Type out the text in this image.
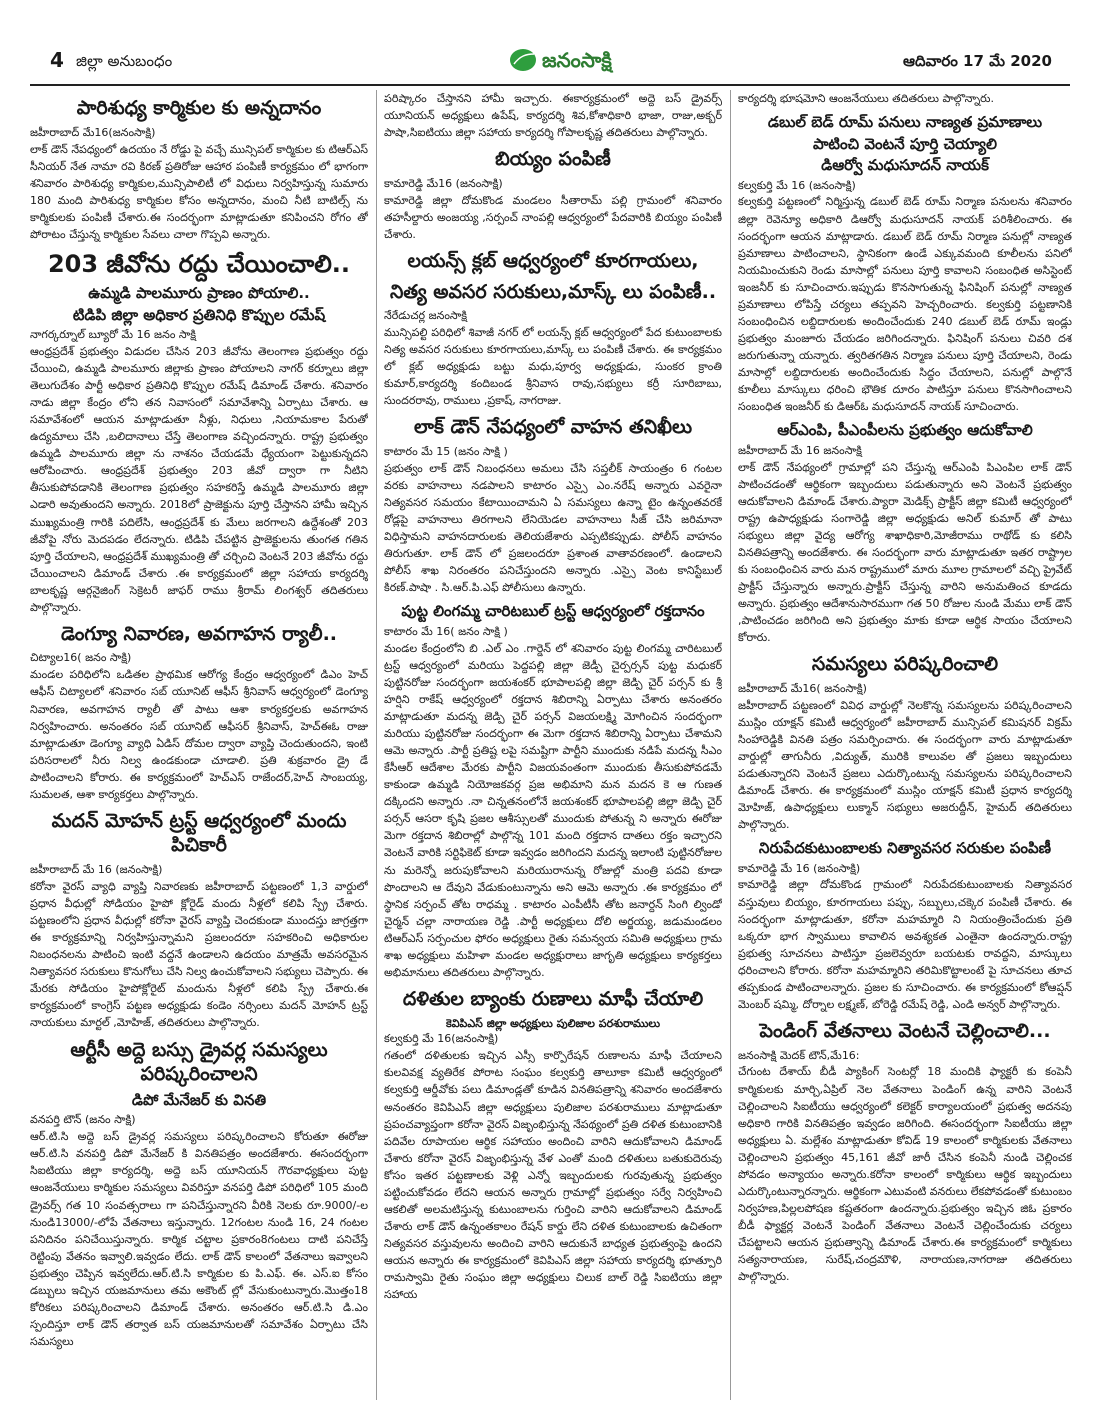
4 జిల్లా అనుబంధం	జనంసాక్షి	ఆదివారం 17 మే 2020
పారిశుధ్య కార్మికుల కు అన్నదానం

జహీరాబాద్ మే16(జనంసాక్షి)

లాక్ డౌన్ నేపధ్యంలో ఉదయం నే రోడ్డు పై వచ్చే మున్సిపల్ కార్మికుల కు టిఆర్ఎస్ సీనియర్ నేత నామా రవి కిరణ్ ప్రతిరోజు ఆహార పంపిణీ కార్యక్రమం లో భాగంగా శనివారం పారిశుధ్య కార్మికుల,మున్సిపాలిటీ లో విధులు నిర్వహిస్తున్న సుమారు 180 మంది పారిశుధ్య కార్మికుల కోసం అన్నదానం, మంచి నీటి బాటిల్స్ ను కార్మికులకు పంపిణీ చేశారు.ఈ సందర్భంగా మాట్లాడుతూ కనిపించని రోగం తో పోరాటం చేస్తున్న కార్మికుల సేవలు చాలా గొప్పవి అన్నారు.

203 జీవోను రద్దు చేయించాలి..
ఉమ్మడి పాలమూరు ప్రాణం పోయాలి..
టిడిపి జిల్లా అధికార ప్రతినిధి కొప్పుల రమేష్

నాగర్కర్నూల్ బ్యూరో మే 16 జనం సాక్షి

ఆంధ్రప్రదేశ్ ప్రభుత్వం విడుదల చేసిన 203 జీవోను తెలంగాణ ప్రభుత్వం రద్దు చేయించి, ఉమ్మడి పాలమూరు జిల్లాకు ప్రాణం పోయాలని నాగర్ కర్నూలు జిల్లా తెలుగుదేశం పార్టీ అధికార ప్రతినిధి కొప్పుల రమేష్ డిమాండ్ చేశారు. శనివారం నాడు జిల్లా కేంద్రం లోని తన నివాసంలో సమావేశాన్ని ఏర్పాటు చేశారు. ఆ సమావేశంలో ఆయన మాట్లాడుతూ నీళ్లు, నిధులు ,నియామకాల పేరుతో ఉద్యమాలు చేసి ,బలిదానాలు చేస్తే తెలంగాణ వచ్చిందన్నారు. రాష్ట్ర ప్రభుత్వం ఉమ్మడి పాలమూరు జిల్లా ను నాశనం చేయడమే ధ్యేయంగా పెట్టుకున్నదని ఆరోపించారు. ఆంధ్రప్రదేశ్ ప్రభుత్వం 203 జీవో ద్వారా గా నీటిని తీసుకుపోవడానికి తెలంగాణ ప్రభుత్వం సహకరిస్తే ఉమ్మడి పాలమూరు జిల్లా ఎడారి అవుతుందని అన్నారు. 2018లో ప్రాజెక్టును పూర్తి చేస్తానని హామీ ఇచ్చిన ముఖ్యమంత్రి గారికి పదిలేసి, ఆంధ్రప్రదేశ్ కు మేలు జరగాలని ఉద్దేశంతో 203 జీవోపై నోరు మెదపడం లేదన్నారు. టిడిపి చేపట్టిన ప్రాజెక్టులను తుంగత గతిన పూర్తి చేయాలని, ఆంధ్రప్రదేశ్ ముఖ్యమంత్రి తో చర్చించి వెంటనే 203 జీవోను రద్దు చేయించాలని డిమాండ్ చేశారు .ఈ కార్యక్రమంలో జిల్లా సహాయ కార్యదర్శి బాలకృష్ణ ఆర్గనైజింగ్ సెక్రెటరీ జాఫర్ రాము శ్రీరామ్ లింగశ్వర్ తదితరులు పాల్గొన్నారు.

డెంగ్యూ నివారణ, అవగాహన ర్యాలీ..

చిట్యాల16( జనం సాక్షి)

మండల పరిధిలోని ఒడితల ప్రాథమిక ఆరోగ్య కేంద్రం ఆధ్వర్యంలో డిఎం హెచ్ ఆఫీస్ చిట్యాలలో శనివారం సబ్ యూనిట్ ఆఫీస్ శ్రీనివాస్ ఆధ్వర్యంలో డెంగ్యూ నివారణ, అవగాహన ర్యాలీ తో పాటు ఆశా కార్యకర్తలకు అవగాహన నిర్వహించారు. అనంతరం సబ్ యూనిట్ ఆఫీసర్ శ్రీనివాస్, హెచ్ఈఓ రాజు మాట్లాడుతూ డెంగ్యూ వ్యాధి ఏడిస్ దోమల ద్వారా వ్యాప్తి చెందుతుందని, ఇంటి పరిసరాలలో నీరు నిల్వ ఉండకుండా చూడాలి. ప్రతి శుక్రవారం డ్రై డే పాటించాలని కోరారు. ఈ కార్యక్రమంలో హెచ్ఎస్ రాజేందర్,హెచ్ సాంబయ్య, సుమలత, ఆశా కార్యకర్తలు పాల్గొన్నారు.

మదన్ మోహన్ ట్రస్ట్ ఆధ్వర్యంలో మందు పిచికారీ

జహీరాబాద్ మే 16 (జనంసాక్షి)

కరోనా వైరస్ వ్యాధి వ్యాప్తి నివారణకు జహీరాబాద్ పట్టణంలో 1,3 వార్డులో ప్రధాన వీధుల్లో సోడియం హైపో క్లోరైడ్ మందు నీళ్లలో కలిపి స్ప్రే చేశారు. పట్టణంలోని ప్రధాన వీధుల్లో కరోనా వైరస్ వ్యాప్తి చెందకుండా ముందస్తు జాగ్రత్తగా ఈ కార్యక్రమాన్ని నిర్వహిస్తున్నామని ప్రజలందరూ సహకరించి అధికారుల నిబంధనలను పాటించి ఇంటి వద్దనే ఉండాలని ఉదయం మాత్రమే అవసరమైన నిత్యావసర సరుకులు కొనుగోలు చేసి నిల్వ ఉంచుకోవాలని సభ్యులు చెప్పారు. ఈ మేరకు సోడియం హైపోక్లోరైట్ మందును నీళ్లలో కలిపి స్ప్రే చేశారు.ఈ కార్యక్రమంలో కాంగ్రెస్ పట్టణ అధ్యక్షుడు కండెం నర్సింలు మదన్ మోహన్ ట్రస్ట్ నాయకులు మార్టల్ ,మోహిజ్, తదితరులు పాల్గొన్నారు.

ఆర్టీసీ అద్దె బస్సు డ్రైవర్ల సమస్యలు పరిష్కరించాలని
డిపో మేనేజర్ కు వినతి

వనపర్తి టౌన్ (జనం సాక్షి)

ఆర్.టి.సి అద్దె బస్ డ్రైవర్ల సమస్యలు పరిష్కరించాలని కోరుతూ ఈరోజు ఆర్.టి.సి వనపర్తి డిపో మేనేజర్ కి వినతిపత్రం అందజేశారు. ఈసందర్భంగా సిఐటియు జిల్లా కార్యదర్శి, అద్దె బస్ యూనియన్ గౌరవాధ్యక్షులు పుట్ట ఆంజనేయులు కార్మికుల సమస్యలు వివరిస్తూ వనపర్తి డిపో పరిధిలో 105 మంది డ్రైవర్స్ గత 10 సంవత్సరాలు గా పనిచేస్తున్నారని వీరికి నెలకు రూ.9000/-ల నుండి13000/-లోపే వేతనాలు ఇస్తున్నారు. 12గంటల నుండి 16, 24 గంటల పనిదినం పనిచేయిస్తున్నారు. కార్మిక చట్టాల ప్రకారం8గంటలు దాటి పనిచేస్తే రెట్టింపు వేతనం ఇవ్వాలి.ఇవ్వడం లేదు. లాక్ డౌన్ కాలంలో వేతనాలు ఇవ్వాలని ప్రభుత్వం చెప్పిన ఇవ్వలేదు.ఆర్.టి.సి కార్మికుల కు పి.ఎఫ్. ఈ. ఎస్.ఐ కోసం డబ్బులు ఇచ్చిన యజమానులు తమ అకౌంట్ ల్లో వేసుకుంటున్నారు.మొత్తం18 కోరికలు పరిష్కరించాలని డిమాండ్ చేశారు. అనంతరం ఆర్.టి.సి డి.ఎం స్పందిస్తూ లాక్ డౌన్ తర్వాత బస్ యజమానులతో సమావేశం ఏర్పాటు చేసి సమస్యలు

పరిష్కారం చేస్తానని హామీ ఇచ్చారు. ఈకార్యక్రమంలో అద్దె బస్ డ్రైవర్స్ యూనియన్ అధ్యక్షులు ఉపేష్, కార్యదర్శి శివ,కోశాధికారి భాజా, రాజు,అక్బర్ పాషా,సిఐటియు జిల్లా సహాయ కార్యదర్శి గోపాలకృష్ణ తదితరులు పాల్గొన్నారు.

బియ్యం పంపిణీ

కామారెడ్డి మే16 (జనంసాక్షి)

కామారెడ్డి జిల్లా దోమకొండ మండలం సీతారామ్ పల్లి గ్రామంలో శనివారం తహసీల్దారు అంజయ్య ,సర్పంచ్ నాంపల్లి ఆధ్వర్యంలో పేదవారికి బియ్యం పంపిణీ చేశారు.

లయన్స్ క్లబ్ ఆధ్వర్యంలో కూరగాయలు,
నిత్య అవసర సరుకులు,మాస్క్ లు పంపిణీ..

నేరేడుచర్ల జనంసాక్షి

మున్సిపల్టి పరిధిలో శివాజీ నగర్ లో లయన్స్ క్లబ్ ఆధ్వర్యంలో పేద కుటుంబాలకు నిత్య అవసర సరుకులు కూరగాయలు,మాస్క్ లు పంపిణీ చేశారు. ఈ కార్యక్రమం లో క్లబ్ అధ్యక్షుడు బట్టు మధు,పూర్వ అధ్యక్షుడు, సుంకర క్రాంతి కుమార్,కార్యదర్శి కందిబండ శ్రీనివాస రావు,సభ్యులు కర్రీ సూరిబాబు, సుందరరావు, రాములు ,ప్రకాష్, నాగరాజు.

లాక్ డౌన్ నేపధ్యంలో వాహన తనిఖీలు

కాటారం మే 15 (జనం సాక్షి )

ప్రభుత్వం లాక్ డౌన్ నిబంధనలు అమలు చేసి సప్తలీక్ సాయంత్రం 6 గంటల వరకు వాహనాలు నడపాలని కాటారం ఎస్సై ఎం.నరేష్ అన్నారు ఎవరైనా నిత్యవసర సమయం కేటాయించామని ఏ సమస్యలు ఉన్నా టైం ఉన్నంతవరకే రోడ్లపై వాహనాలు తిరగాలని లేనియెడల వాహనాలు సీజ్ చేసి జరిమానా విధిస్తామని వాహనదారులకు తెలియజేశారు ఎప్పటికప్పుడు. పోలీస్ వాహనం తిరుగుతూ. లాక్ డౌన్ లో ప్రజలందరూ ప్రశాంత వాతావరణంలో. ఉండాలని పోలీస్ శాఖ నిరంతరం పనిచేస్తుందని అన్నారు .ఎస్సై వెంట కానిస్టేబుల్ కిరణ్.పాషా . సి.ఆర్.పి.ఎఫ్ పోలీసులు ఉన్నారు.

పుట్ట లింగమ్మ చారిటబుల్ ట్రస్ట్ ఆధ్వర్యంలో రక్తదానం

కాటారం మే 16( జనం సాక్షి )

మండల కేంద్రంలోని బి .ఎల్ ఎం .గార్డెన్ లో శనివారం పుట్ట లింగమ్మ చారిటబుల్ ట్రస్ట్ ఆధ్వర్యంలో మరియు పెద్దపల్లి జిల్లా జెడ్పీ చైర్పర్సన్ పుట్ట మధుకర్ పుట్టినరోజు సందర్భంగా జయశంకర్ భూపాలపల్లి జిల్లా జెడ్పి చైర్ పర్సన్ కు శ్రీ హర్షిని రాకేష్ ఆధ్వర్యంలో రక్తదాన శిబిరాన్ని ఏర్పాటు చేశారు అనంతరం మాట్లాడుతూ మదన్న జెడ్పి చైర్ పర్సన్ విజయలక్ష్మి మోగించిన సందర్భంగా మరియు పుట్టినరోజు సందర్భంగా ఈ మెగా రక్తదాన శిబిరాన్ని ఏర్పాటు చేశామని ఆమె అన్నారు .పార్టీ ప్రతిష్ట లపై సమష్టిగా పార్టీని ముందుకు నడిపే మదన్న సీఎం కేసీఆర్ ఆదేశాల మేరకు పార్టీని విజయవంతంగా ముందుకు తీసుకుపోవడమే కాకుండా ఉమ్మడి నియోజకవర్గ ప్రజ అభిమాని మన మదన కె ఆ గుణత దక్కిందని అన్నారు .నా చిన్నతనంలోనే జయశంకర్ భూపాలపల్లి జిల్లా జెడ్పి చైర్ పర్సన్ ఆసరా కృషి ప్రజల ఆశీస్సులతో ముందుకు పోతున్న ని అన్నారు ఈరోజు మెగా రక్తదాన శిబిరాల్లో పాల్గొన్న 101 మంది రక్తదాన దాతలు రక్తం ఇచ్చారని వెంటనే వారికి సర్టిఫికెట్ కూడా ఇవ్వడం జరిగిందని మదన్న ఇలాంటి పుట్టినరోజుల ను మరెన్నో జరుపుకోవాలని మరియురానున్న రోజుల్లో మంత్రి పదవి కూడా పొందాలని ఆ దేవుని వేడుకుంటున్నాను అని ఆమె అన్నారు .ఈ కార్యక్రమం లో స్థానిక సర్పంచ్ తోట రాధమ్మ . కాటారం ఎంపీటీసీ తోట జనార్దన్ సింగి ల్విండో చైర్మన్ చల్లా నారాయణ రెడ్డి .పార్టీ అధ్యక్షులు దోలి అర్జయ్య, జడుమండలం టిఆర్ఎస్ సర్పంచుల ఫోరం అధ్యక్షులు రైతు సమన్వయ సమితి అధ్యక్షులు గ్రామ శాఖ అధ్యక్షులు మహిళా మండల అధ్యక్షురాలు జాగృతి అధ్యక్షులు కార్యకర్తలు అభిమానులు తదితరులు పాల్గొన్నారు.

దళితుల బ్యాంకు రుణాలు మాఫీ చేయాలి

కెవిపిఎస్ జిల్లా అధ్యక్షులు పులిజాల పరశురాములు

కల్వకుర్తి మే 16(జనంసాక్షి)

గతంలో దళితులకు ఇచ్చిన ఎస్సీ కార్పొరేషన్ రుణాలను మాఫీ చేయాలని కులవివక్ష వ్యతిరేక పోరాట సంఘం కల్వకుర్తి తాలూకా కమిటీ ఆధ్వర్యంలో కల్వకుర్తి ఆర్డీవోకు పలు డిమాండ్లతో కూడిన వినతిపత్రాన్ని శనివారం అందజేశారు అనంతరం కెవిపిఎస్ జిల్లా అధ్యక్షులు పులిజాల పరశురాములు మాట్లాడుతూ ప్రపంచవ్యాప్తంగా కరోనా వైరస్ విజృంభిస్తున్న నేపథ్యంలో ప్రతి దళిత కుటుంబానికి పదివేల రూపాయల ఆర్థిక సహాయం అందించి వారిని ఆదుకోవాలని డిమాండ్ చేశారు కరోనా వైరస్ విజృంభిస్తున్న వేళ ఎంతో మంది దళితులు బతుకుదెరువు కోసం ఇతర పట్టణాలకు వెళ్లి ఎన్నో ఇబ్బందులకు గురవుతున్న ప్రభుత్వం పట్టించుకోవడం లేదని ఆయన అన్నారు గ్రామాల్లో ప్రభుత్వం సర్వే నిర్వహించి ఆకలితో అలమటిస్తున్న కుటుంబాలను గుర్తించి వారిని ఆదుకోవాలని డిమాండ్ చేశారు లాక్ డౌన్ ఉన్నంతకాలం రేషన్ కార్డు లేని దళిత కుటుంబాలకు ఉచితంగా నిత్యవసర వస్తువులను అందించి వారిని ఆదుకునే బాధ్యత ప్రభుత్వంపై ఉందని ఆయన అన్నారు ఈ కార్యక్రమంలో కెవిపిఎస్ జిల్లా సహాయ కార్యదర్శి భూత్పూరి రామస్వామి రైతు సంఘం జిల్లా అధ్యక్షులు చిలుక బాల్ రెడ్డి సిఐటియు జిల్లా సహాయ

కార్యదర్శి భూషమోని ఆంజనేయులు తదితరులు పాల్గొన్నారు.

డబుల్ బెడ్ రూమ్ పనులు నాణ్యత ప్రమాణాలు
పాటించి వెంటనే పూర్తి చెయ్యాలి
డిఆర్వో మధుసూదన్ నాయక్

కల్వకుర్తి మే 16 (జనంసాక్షి)

కల్వకుర్తి పట్టణంలో నిర్మిస్తున్న డబుల్ బెడ్ రూమ్ నిర్మాణ పనులను శనివారం జిల్లా రెవెన్యూ అధికారి డిఆర్వో మధుసూదన్ నాయక్ పరిశీలించారు. ఈ సందర్భంగా ఆయన మాట్లాడారు. డబుల్ బెడ్ రూమ్ నిర్మాణ పనుల్లో నాణ్యత ప్రమాణాలు పాటించాలని, స్థానికంగా ఉండే ఎక్కువమంది కూలీలను పనిలో నియమించుకుని రెండు మాసాల్లో పనులు పూర్తి కావాలని సంబంధిత అసిస్టెంట్ ఇంజనీర్ కు సూచించారు.ఇప్పుడు కొనసాగుతున్న ఫినిషింగ్ పనుల్లో నాణ్యత ప్రమాణాలు లోపిస్తే చర్యలు తప్పవని హెచ్చరించారు. కల్వకుర్తి పట్టణానికి సంబంధించిన లబ్దిదారులకు అందించేందుకు 240 డబుల్ బెడ్ రూమ్ ఇండ్లు ప్రభుత్వం మంజూరు చేయడం జరిగిందన్నారు. ఫినిషింగ్ పనులు చివరి దశ జరుగుతున్నా యన్నారు. త్వరితగతిన నిర్మాణ పనులు పూర్తి చేయాలని, రెండు మాసాల్లో లబ్దిదారులకు అందించేందుకు సిద్ధం చేయాలని, పనుల్లో పాల్గొనే కూలీలు మాస్కులు ధరించి భౌతిక దూరం పాటిస్తూ పనులు కొనసాగించాలని సంబంధిత ఇంజనీర్ కు డిఆర్ఓ మధుసూదన్ నాయక్ సూచించారు.

ఆర్ఎంపి, పీఎంపీలను ప్రభుత్వం ఆదుకోవాలి

జహీరాబాద్ మే 16 జనంసాక్షి

లాక్ డౌన్ నేపథ్యంలో గ్రామాల్లో పని చేస్తున్న ఆర్ఎంపి పిఎంపిల లాక్ డౌన్ పాటించడంతో ఆర్థికంగా ఇబ్బందులు పడుతున్నారు అని వెంటనే ప్రభుత్వం ఆదుకోవాలని డిమాండ్ చేశారు.ప్యారా మెడిక్స్ ప్రాక్టీస్ జిల్లా కమిటీ ఆధ్వర్యంలో రాష్ట్ర ఉపాధ్యక్షుడు సంగారెడ్డి జిల్లా అధ్యక్షుడు అనిల్ కుమార్ తో పాటు సభ్యులు జిల్లా వైద్య ఆరోగ్య శాఖాధికారి,మోజీరాము రాథోడ్ కు కలిసి వినతిపత్రాన్ని అందజేశారు. ఈ సందర్భంగా వారు మాట్లాడుతూ ఇతర రాష్ట్రాల కు సంబంధించిన వారు మన రాష్ట్రములో మారు మూల గ్రామాలలో వచ్చి ప్రైవేట్ ప్రాక్టీస్ చేస్తున్నారు అన్నారు.ప్రాక్టీస్ చేస్తున్న వారిని అనుమతించ కూడదు అన్నారు. ప్రభుత్వం ఆదేశానుసారముగా గత 50 రోజుల నుండి మేము లాక్ డౌన్ ,పాటించడం జరిగింది అని ప్రభుత్వం మాకు కూడా ఆర్థిక సాయం చేయాలని కోరారు.

సమస్యలు పరిష్కరించాలి

జహీరాబాద్ మే16( జనంసాక్షి)

జహీరాబాద్ పట్టణంలో వివిధ వార్డుల్లో నెలకొన్న సమస్యలను పరిష్కరించాలని ముస్లిం యాక్షన్ కమిటీ ఆధ్వర్యంలో జహీరాబాద్ మున్సిపల్ కమిషనర్ విక్రమ్ సింహారెడ్డికి వినతి పత్రం సమర్పించారు. ఈ సందర్భంగా వారు మాట్లాడుతూ వార్డుల్లో తాగునీరు ,విద్యుత్, మురికి కాలువల తో ప్రజలు ఇబ్బందులు పడుతున్నారని వెంటనే ప్రజలు ఎదుర్కొంటున్న సమస్యలను పరిష్కరించాలని డిమాండ్ చేశారు. ఈ కార్యక్రమంలో ముస్లిం యాక్షన్ కమిటీ ప్రధాన కార్యదర్శి మోహిజ్, ఉపాధ్యక్షులు లుక్మాన్ సభ్యులు అజరుద్దీన్, హైమద్ తదితరులు పాల్గొన్నారు.

నిరుపేదకుటుంబాలకు నిత్యావసర సరుకుల పంపిణీ

కామారెడ్డి మే 16 (జనంసాక్షి)

కామారెడ్డి జిల్లా దోమకొండ గ్రామంలో నిరుపేదకుటుంబాలకు నిత్యావసర వస్తువులు బియ్యం, కూరగాయలు పప్పు, సబ్బులు,చక్కెర పంపిణీ చేశారు. ఈ సందర్భంగా మాట్లాడుతూ, కరోనా మహమ్మారి ని నియంత్రించేందుకు ప్రతి ఒక్కరూ భాగ స్వాములు కావాలిన అవశ్యకత ఎంతైనా ఉందన్నారు.రాష్ట్ర ప్రభుత్వ సూచనలు పాటిస్తూ ప్రజలెవ్వరూ బయటకు రావద్దని, మాస్కులు ధరించాలని కోరారు. కరోనా మహమ్మారిని తరిమికొట్టాలంటే పై సూచనలు తూచ తప్పకుండ పాటించాలన్నారు. ప్రజల కు సూచించారు. ఈ కార్యక్రమంలో కోఆప్షన్ మెంబర్ షమ్మి, దోర్నాల లక్ష్మణ్, బోరెడ్డి రమేష్ రెడ్డి, ఎండి అన్వర్ పాల్గొన్నారు.

పెండింగ్ వేతనాలు వెంటనే చెల్లించాలి...

జనంసాక్షి మెదక్ టౌన్,మే16:

చేగుంట దేశాయ్ బీడీ ప్యాకింగ్ సెంటర్లో 18 మందికి ఫ్యాక్టరీ కు కంపెనీ కార్మికులకు మార్చి,ఏప్రిల్ నెల వేతనాలు పెండింగ్ ఉన్న వారిని వెంటనే చెల్లించాలని సిఐటీయు ఆధ్వర్యంలో కలెక్టర్ కార్యాలయంలో ప్రభుత్వ అదనపు అధికారి గారికి వినతిపత్రం ఇవ్వడం జరిగింది. ఈసందర్భంగా సిఐటీయు జిల్లా అధ్యక్షులు ఏ. మల్లేశం మాట్లాడుతూ కోవిడ్ 19 కాలంలో కార్మికులకు వేతనాలు చెల్లించాలని ప్రభుత్వం 45,161 జీవో జారీ చేసిన కంపెనీ నుండి చెల్లించక పోవడం అన్యాయం అన్నారు.కరోనా కాలంలో కార్మికులు ఆర్థిక ఇబ్బందులు ఎదుర్కొంటున్నారన్నారు. ఆర్థికంగా ఎటువంటి వనరులు లేకపోవడంతో కుటుంబం నిర్వహణ,పిల్లలపోషణ కష్టతరంగా ఉందన్నారు.ప్రభుత్వం ఇచ్చిన జిఓ ప్రకారం బీడీ ఫ్యాక్టర్ల వెంటనే పెండింగ్ వేతనాలు వెంటనే చెల్లించేందుకు చర్యలు చేపట్టాలని ఆయన ప్రభుత్వాన్ని డిమాండ్ చేశారు.ఈ కార్యక్రమంలో కార్మికులు సత్యనారాయణ, సురేష్,చంద్రమౌళి, నారాయణ,నాగరాజు తదితరులు పాల్గొన్నారు.
